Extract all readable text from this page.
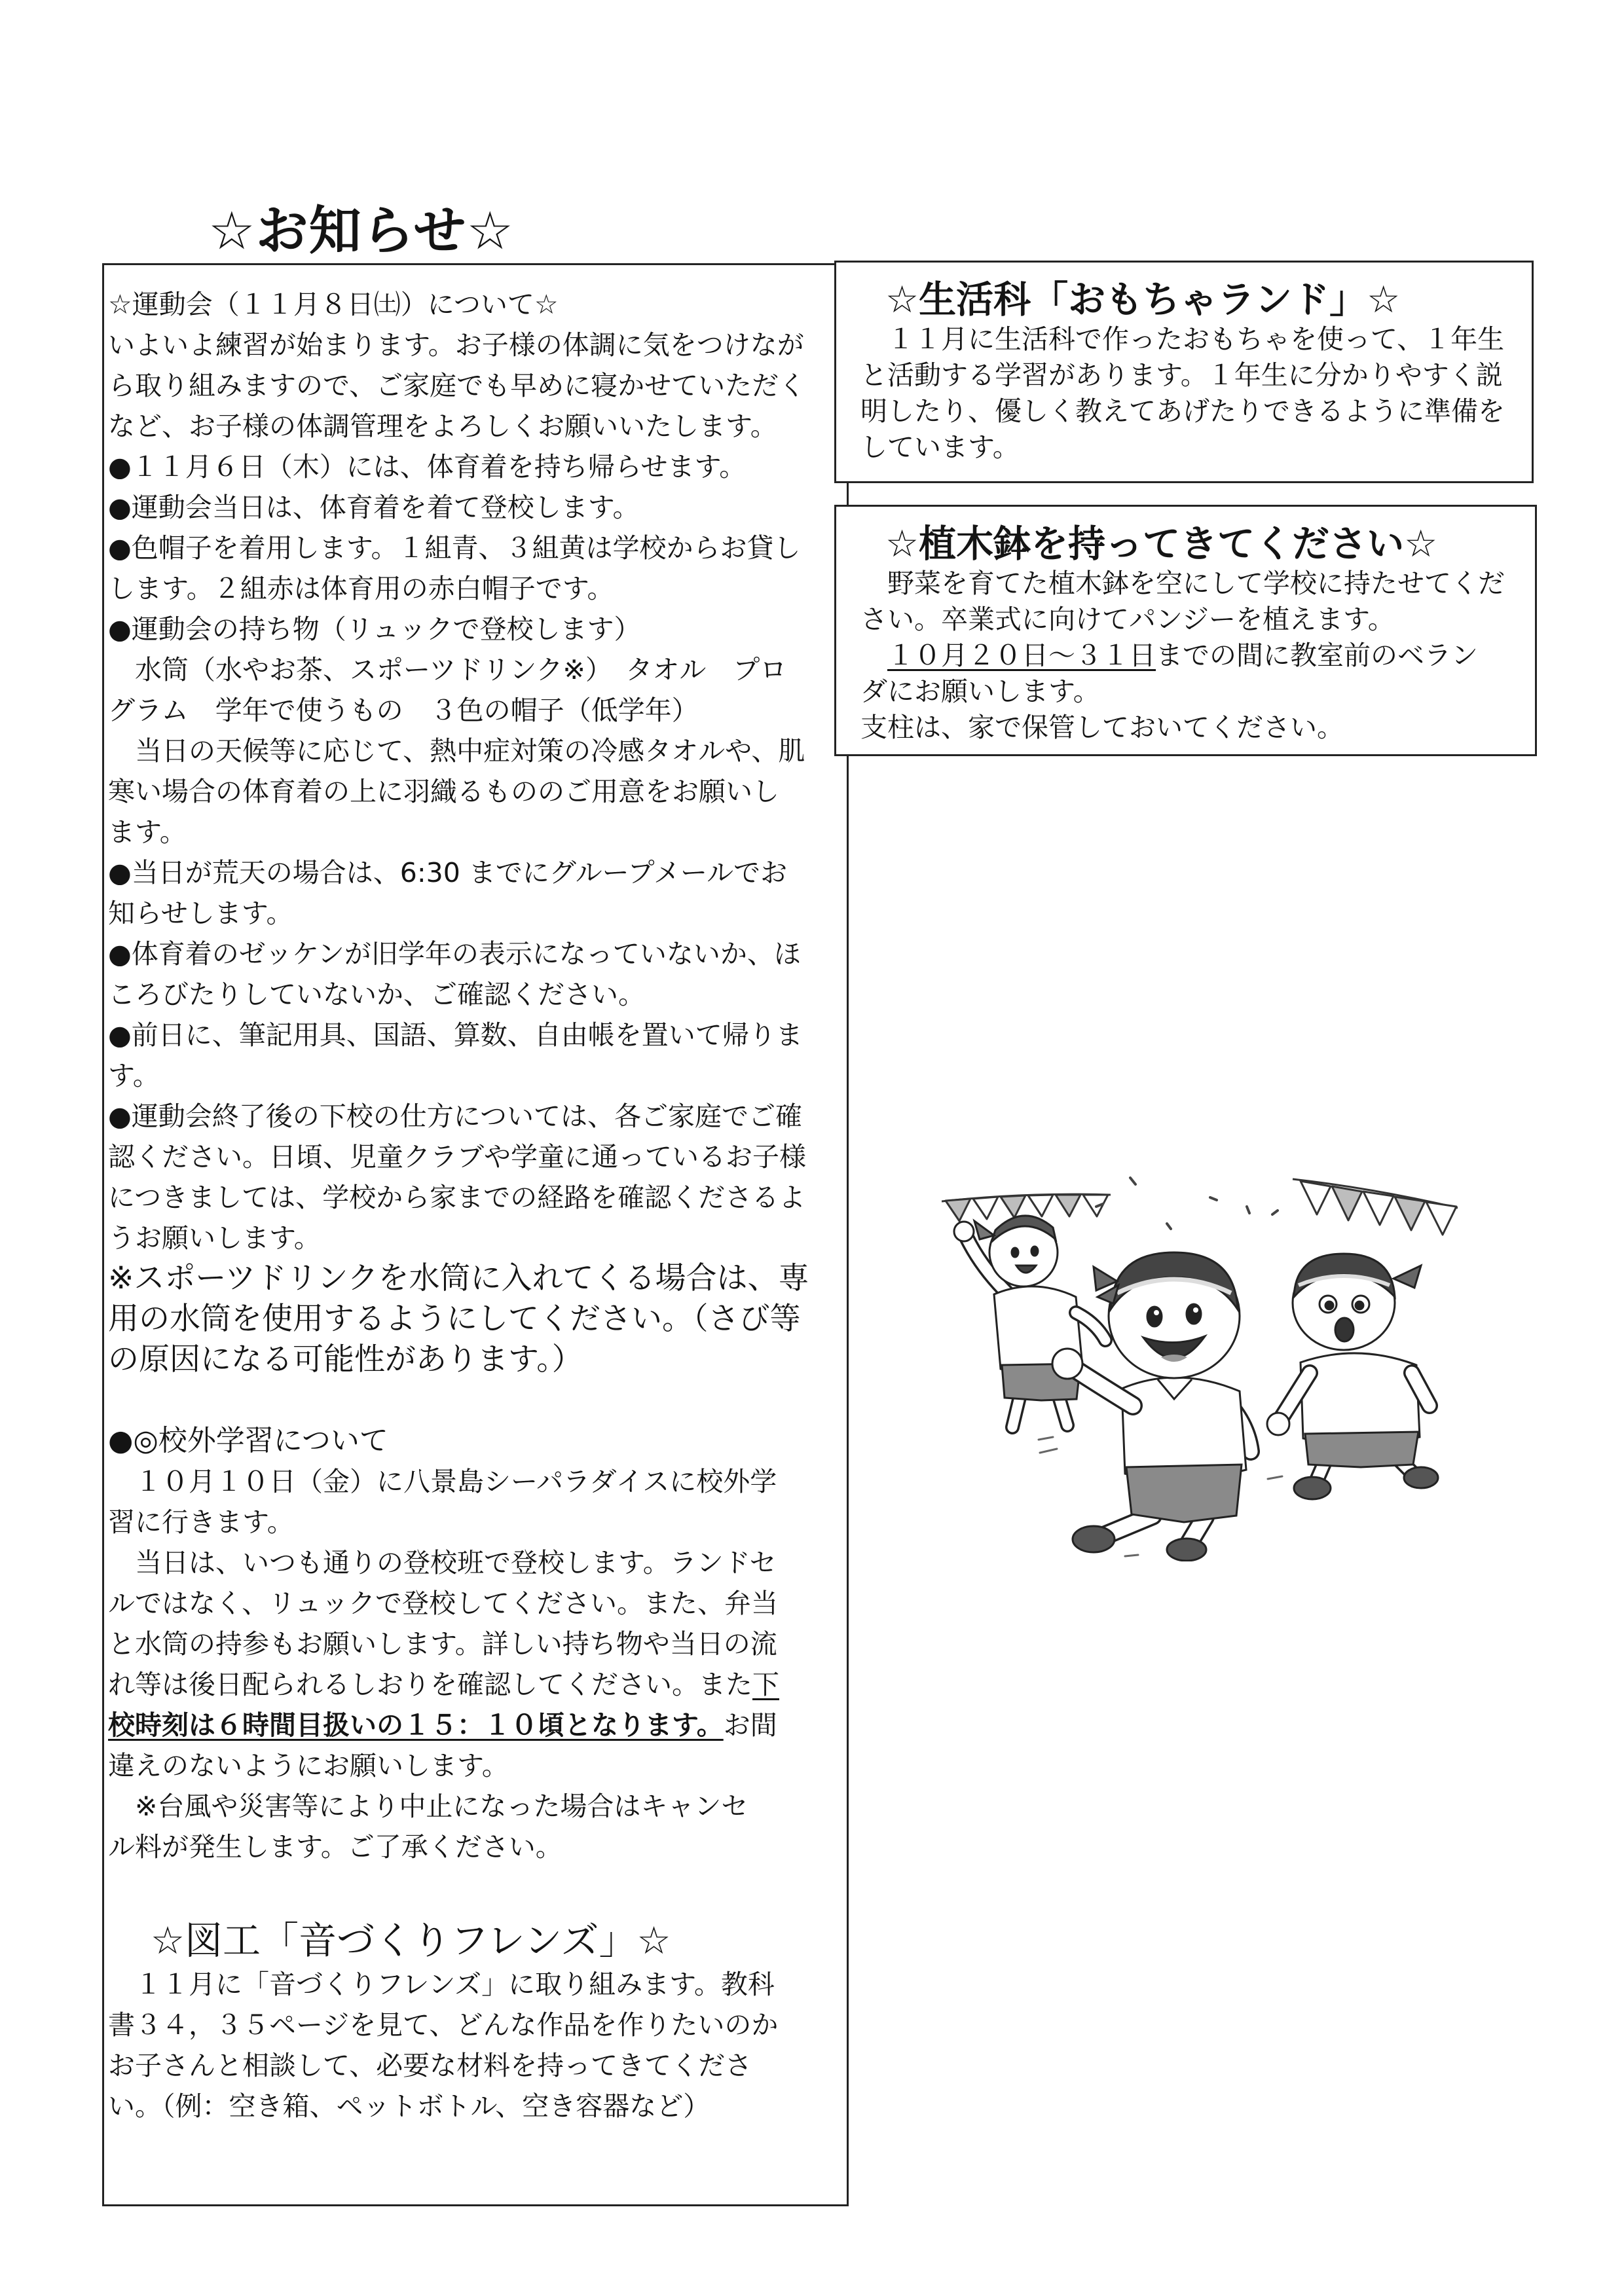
☆お知らせ☆
☆運動会（１１月８日㈯）について☆
いよいよ練習が始まります。お子様の体調に気をつけなが
ら取り組みますので、ご家庭でも早めに寝かせていただく
など、お子様の体調管理をよろしくお願いいたします。
●１１月６日（木）には、体育着を持ち帰らせます。
●運動会当日は、体育着を着て登校します。
●色帽子を着用します。１組青、３組黄は学校からお貸し
します。２組赤は体育用の赤白帽子です。
●運動会の持ち物（リュックで登校します）
　水筒（水やお茶、スポーツドリンク※）　タオル　プロ
グラム　学年で使うもの　３色の帽子（低学年）
　当日の天候等に応じて、熱中症対策の冷感タオルや、肌
寒い場合の体育着の上に羽織るもののご用意をお願いし
ます。
●当日が荒天の場合は、6:30 までにグループメールでお
知らせします。
●体育着のゼッケンが旧学年の表示になっていないか、ほ
ころびたりしていないか、ご確認ください。
●前日に、筆記用具、国語、算数、自由帳を置いて帰りま
す。
●運動会終了後の下校の仕方については、各ご家庭でご確
認ください。日頃、児童クラブや学童に通っているお子様
につきましては、学校から家までの経路を確認くださるよ
うお願いします。
※スポーツドリンクを水筒に入れてくる場合は、専
用の水筒を使用するようにしてください。（さび等
の原因になる可能性があります。）
●◎校外学習について
　１０月１０日（金）に八景島シーパラダイスに校外学
習に行きます。
　当日は、いつも通りの登校班で登校します。ランドセ
ルではなく、リュックで登校してください。また、弁当
と水筒の持参もお願いします。詳しい持ち物や当日の流
れ等は後日配られるしおりを確認してください。また下
校時刻は６時間目扱いの１５：１０頃となります。お間
違えのないようにお願いします。
　※台風や災害等により中止になった場合はキャンセ
ル料が発生します。ご了承ください。
☆図工「音づくりフレンズ」☆
　１１月に「音づくりフレンズ」に取り組みます。教科
書３４，３５ページを見て、どんな作品を作りたいのか
お子さんと相談して、必要な材料を持ってきてくださ
い。（例：空き箱、ペットボトル、空き容器など）
☆生活科「おもちゃランド」☆
　１１月に生活科で作ったおもちゃを使って、１年生
と活動する学習があります。１年生に分かりやすく説
明したり、優しく教えてあげたりできるように準備を
しています。
☆植木鉢を持ってきてください☆
　野菜を育てた植木鉢を空にして学校に持たせてくだ
さい。卒業式に向けてパンジーを植えます。
１０月２０日～３１日までの間に教室前のベラン
ダにお願いします。
支柱は、家で保管しておいてください。
